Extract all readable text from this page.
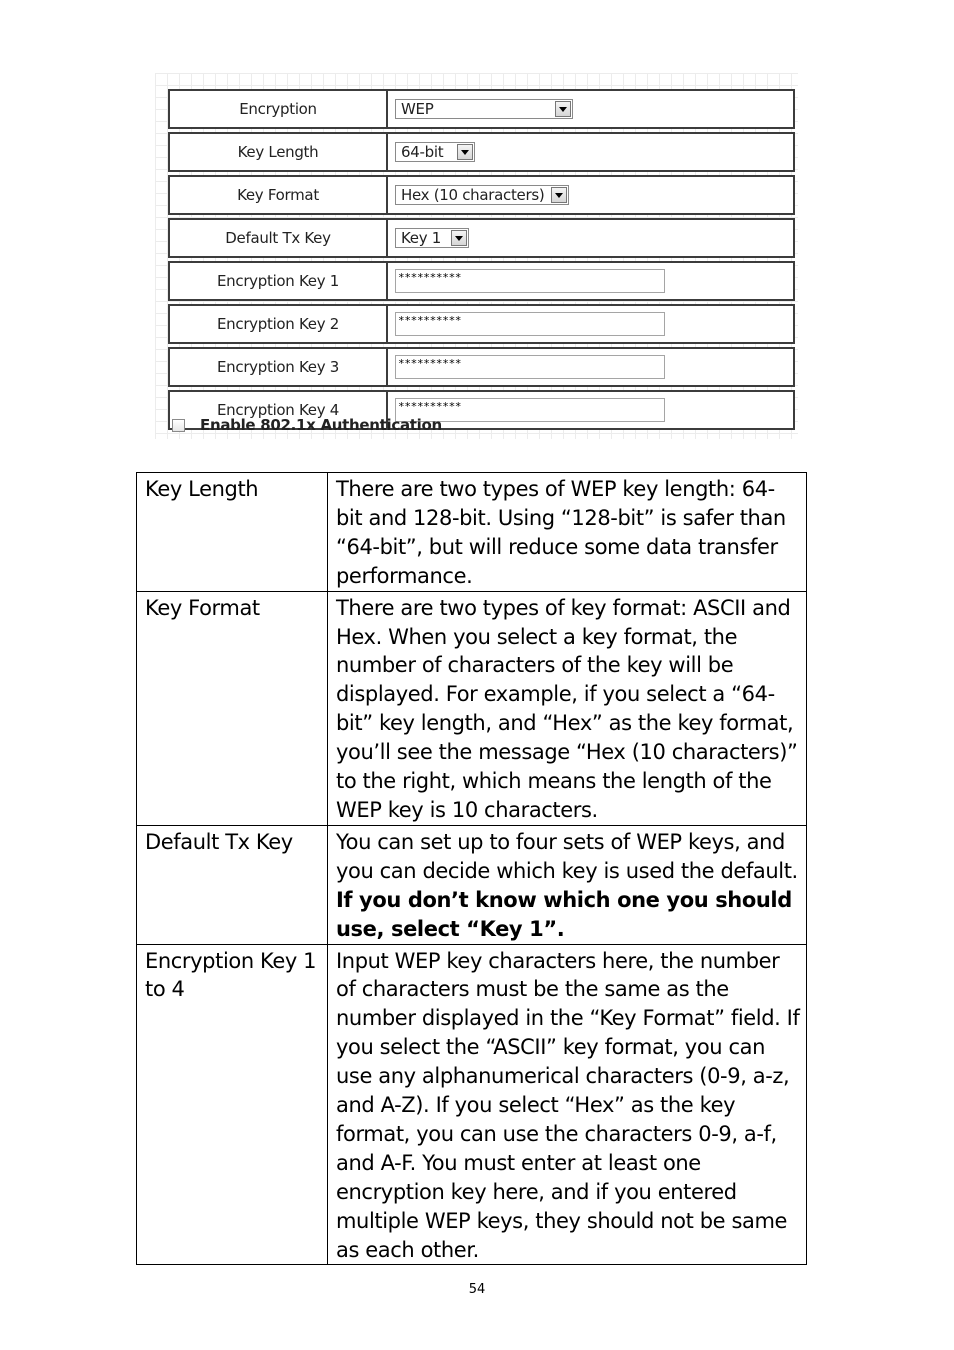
Encryption	WEP

Key Length	64-bit

Key Format	Hex (10 characters)

Default Tx Key	Key 1

Encryption Key 1	**********

Encryption Key 2	**********

Encryption Key 3	**********

Encryption Key 4	**********
Enable 802.1x Authentication
Key Length	There are two types of WEP key length: 64-bit and 128-bit. Using “128-bit” is safer than “64-bit”, but will reduce some data transfer performance.
Key Format	There are two types of key format: ASCII and Hex. When you select a key format, the number of characters of the key will be displayed. For example, if you select a “64-bit” key length, and “Hex” as the key format, you’ll see the message “Hex (10 characters)” to the right, which means the length of the WEP key is 10 characters.
Default Tx Key	You can set up to four sets of WEP keys, and you can decide which key is used the default. If you don’t know which one you should use, select “Key 1”.
Encryption Key 1 to 4	Input WEP key characters here, the number of characters must be the same as the number displayed in the “Key Format” field. If you select the “ASCII” key format, you can use any alphanumerical characters (0-9, a-z, and A-Z). If you select “Hex” as the key format, you can use the characters 0-9, a-f, and A-F. You must enter at least one encryption key here, and if you entered multiple WEP keys, they should not be same as each other.
54
